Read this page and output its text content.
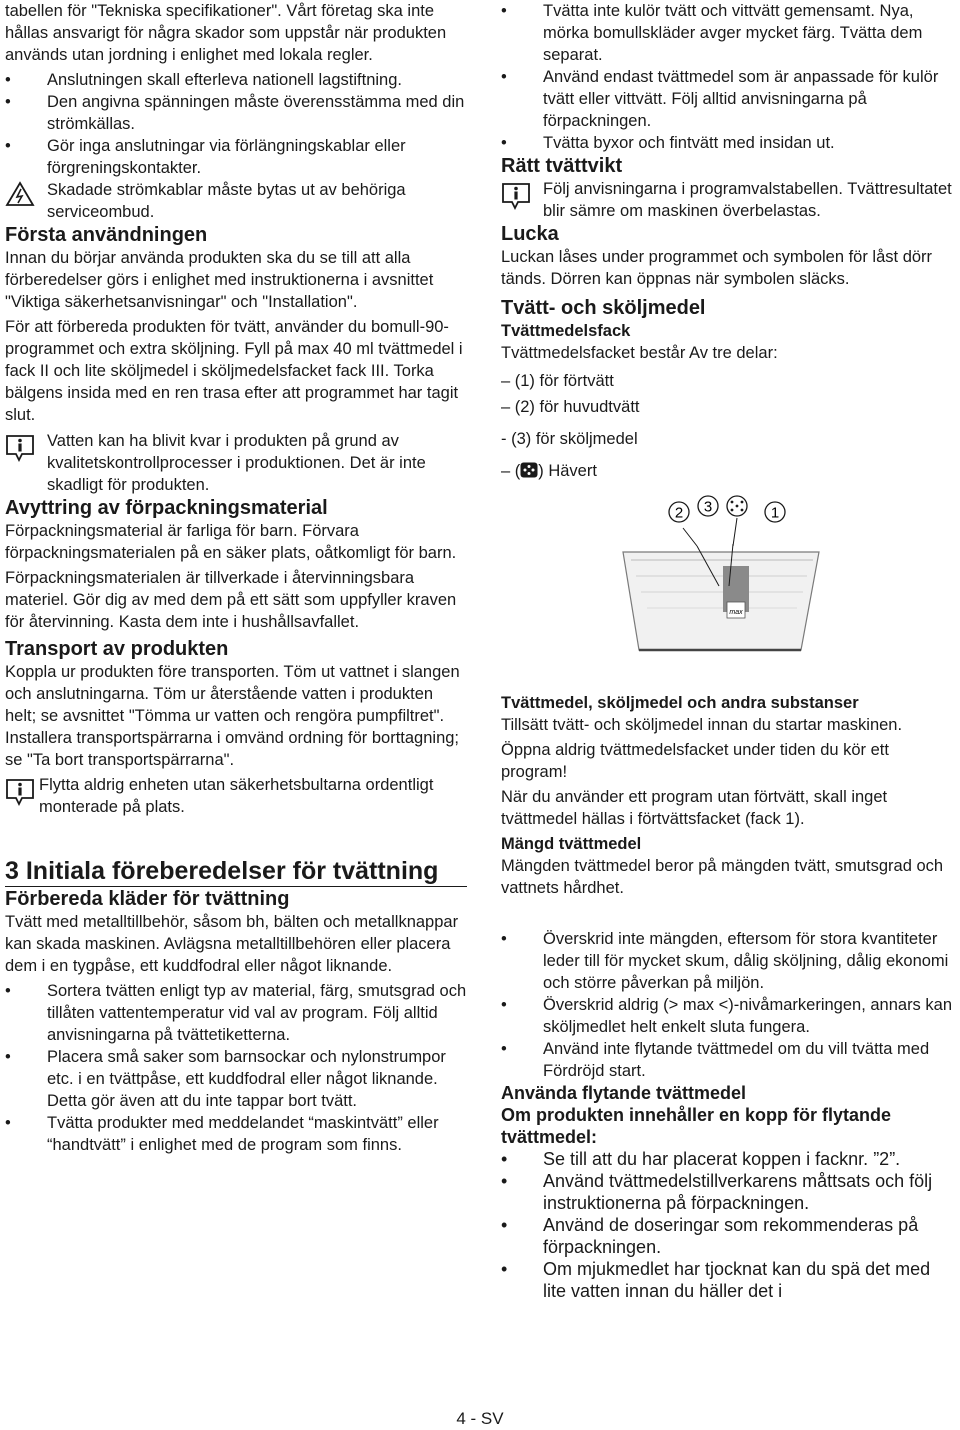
tabellen för "Tekniska specifikationer". Vårt företag ska inte hållas ansvarigt för några skador som uppstår när produkten används utan jordning i enlighet med lokala regler.

• Anslutningen skall efterleva nationell lagstiftning.
• Den angivna spänningen måste överensstämma med din strömkällas.
• Gör inga anslutningar via förlängningskablar eller förgreningskontakter.
Skadade strömkablar måste bytas ut av behöriga serviceombud.
Första användningen

Innan du börjar använda produkten ska du se till att alla förberedelser görs i enlighet med instruktionerna i avsnittet "Viktiga säkerhetsanvisningar" och "Installation".

För att förbereda produkten för tvätt, använder du bomull-90-programmet och extra sköljning. Fyll på max 40 ml tvättmedel i fack II och lite sköljmedel i sköljmedelsfacket fack III. Torka bälgens insida med en ren trasa efter att programmet har tagit slut.

Vatten kan ha blivit kvar i produkten på grund av kvalitetskontrollprocesser i produktionen. Det är inte skadligt för produkten.
Avyttring av förpackningsmaterial

Förpackningsmaterial är farliga för barn. Förvara förpackningsmaterialen på en säker plats, oåtkomligt för barn.

Förpackningsmaterialen är tillverkade i återvinningsbara materiel. Gör dig av med dem på ett sätt som uppfyller kraven för återvinning. Kasta dem inte i hushållsavfallet.

Transport av produkten

Koppla ur produkten före transporten. Töm ut vattnet i slangen och anslutningarna. Töm ur återstående vatten i produkten helt; se avsnittet "Tömma ur vatten och rengöra pumpfiltret". Installera transportspärrarna i omvänd ordning för borttagning; se "Ta bort transportspärrarna".

Flytta aldrig enheten utan säkerhetsbultarna ordentligt monterade på plats.
3 Initiala föreberedelser för tvättning
Förbereda kläder för tvättning

Tvätt med metalltillbehör, såsom bh, bälten och metallknappar kan skada maskinen. Avlägsna metalltillbehören eller placera dem i en tygpåse, ett kuddfodral eller något liknande.

• Sortera tvätten enligt typ av material, färg, smutsgrad och tillåten vattentemperatur vid val av program. Följ alltid anvisningarna på tvättetiketterna.
• Placera små saker som barnsockar och nylonstrumpor etc. i en tvättpåse, ett kuddfodral eller något liknande. Detta gör även att du inte tappar bort tvätt.
• Tvätta produkter med meddelandet “maskintvätt” eller “handtvätt” i enlighet med de program som finns.
• Tvätta inte kulör tvätt och vittvätt gemensamt. Nya, mörka bomullskläder avger mycket färg. Tvätta dem separat.
• Använd endast tvättmedel som är anpassade för kulör tvätt eller vittvätt. Följ alltid anvisningarna på förpackningen.
• Tvätta byxor och fintvätt med insidan ut.
Rätt tvättvikt
Följ anvisningarna i programvalstabellen. Tvättresultatet blir sämre om maskinen överbelastas.
Lucka

Luckan låses under programmet och symbolen för låst dörr tänds. Dörren kan öppnas när symbolen släcks.

Tvätt- och sköljmedel
Tvättmedelsfack

Tvättmedelsfacket består Av tre delar:

– (1) för förtvätt

– (2) för huvudtvätt

- (3) för sköljmedel

– ( ) Hävert

2 3	1
max
Tvättmedel, sköljmedel och andra substanser

Tillsätt tvätt- och sköljmedel innan du startar maskinen.

Öppna aldrig tvättmedelsfacket under tiden du kör ett program!

När du använder ett program utan förtvätt, skall inget tvättmedel hällas i förtvättsfacket (fack 1).

Mängd tvättmedel

Mängden tvättmedel beror på mängden tvätt, smutsgrad och vattnets hårdhet.

• Överskrid inte mängden, eftersom för stora kvantiteter leder till för mycket skum, dålig sköljning, dålig ekonomi och större påverkan på miljön.
• Överskrid aldrig (> max <)-nivåmarkeringen, annars kan sköljmedlet helt enkelt sluta fungera.
• Använd inte flytande tvättmedel om du vill tvätta med Fördröjd start.
Använda flytande tvättmedel
Om produkten innehåller en kopp för flytande tvättmedel:
• Se till att du har placerat koppen i facknr. ”2”.
• Använd tvättmedelstillverkarens måttsats och följ instruktionerna på förpackningen.
• Använd de doseringar som rekommenderas på förpackningen.
• Om mjukmedlet har tjocknat kan du spä det med lite vatten innan du häller det i
4 - SV
